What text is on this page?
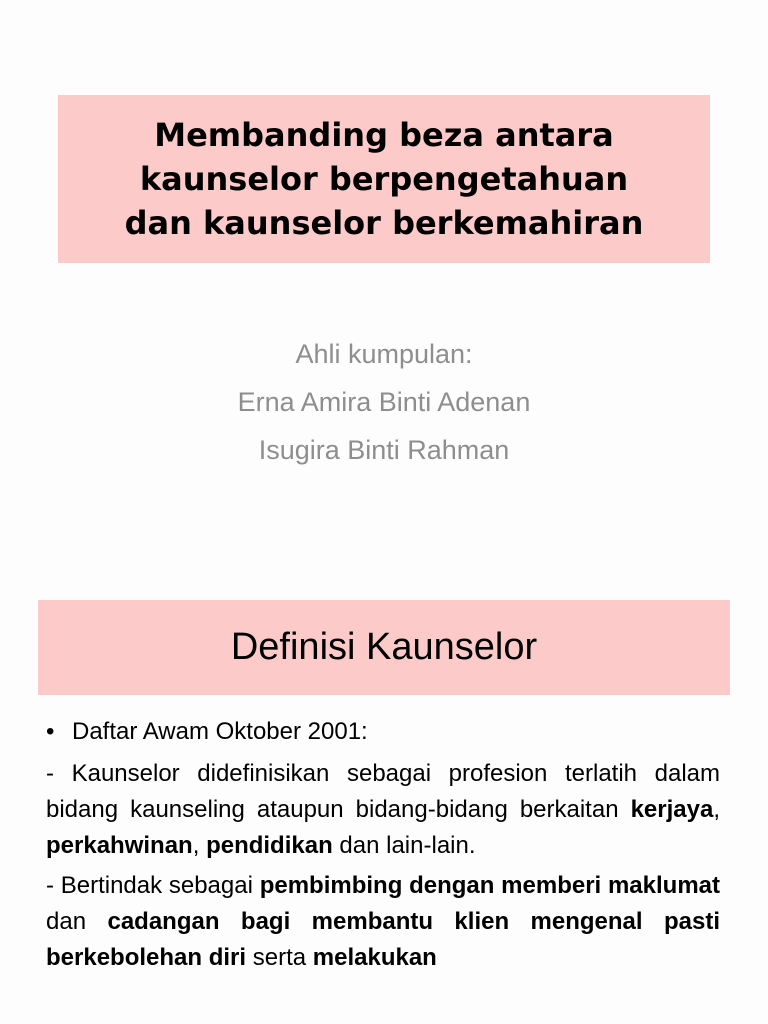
Membanding beza antara
kaunselor berpengetahuan
dan kaunselor berkemahiran
Ahli kumpulan:
Erna Amira Binti Adenan
Isugira Binti Rahman
Definisi Kaunselor
• Daftar Awam Oktober 2001:
- Kaunselor didefinisikan sebagai profesion terlatih dalam bidang kaunseling ataupun bidang-bidang berkaitan kerjaya, perkahwinan, pendidikan dan lain-lain.
- Bertindak sebagai pembimbing dengan memberi maklumat dan cadangan bagi membantu klien mengenal pasti berkebolehan diri serta melakukan
